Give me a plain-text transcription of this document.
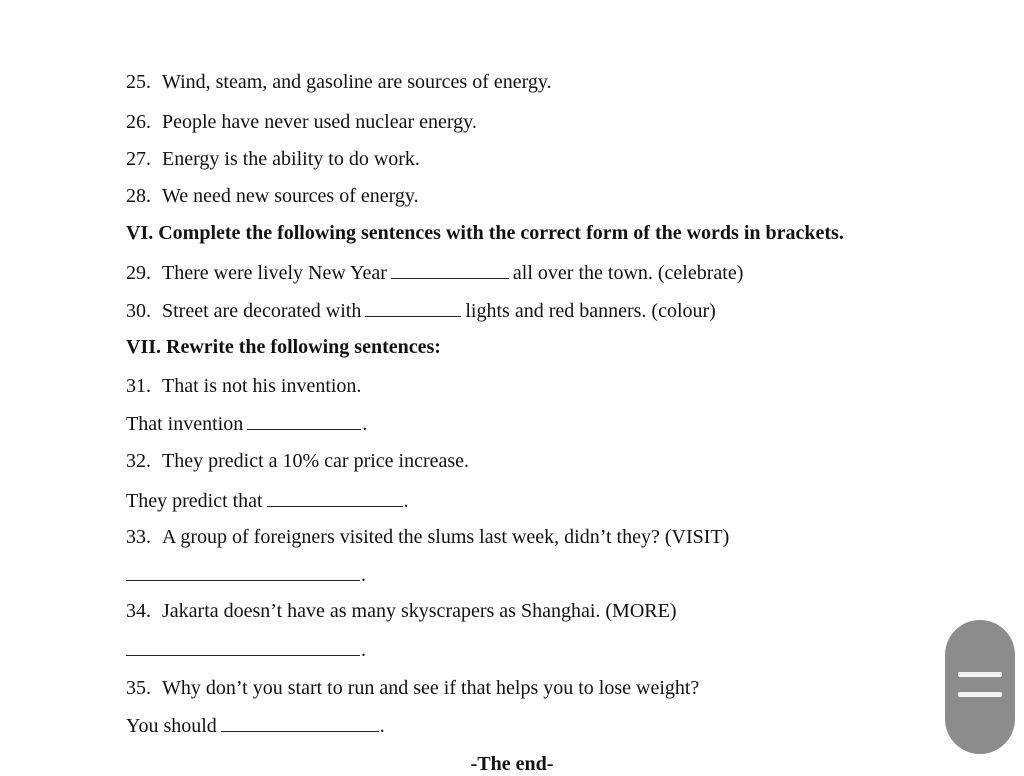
25. Wind, steam, and gasoline are sources of energy.
26. People have never used nuclear energy.
27. Energy is the ability to do work.
28. We need new sources of energy.
VI. Complete the following sentences with the correct form of the words in brackets.
29. There were lively New Year	all over the town. (celebrate)
30. Street are decorated with	lights and red banners. (colour)
VII. Rewrite the following sentences:
31. That is not his invention.
That invention	.
32. They predict a 10% car price increase.
They predict that	.
33. A group of foreigners visited the slums last week, didn’t they? (VISIT)
.
34. Jakarta doesn’t have as many skyscrapers as Shanghai. (MORE)
.
35. Why don’t you start to run and see if that helps you to lose weight?
You should	.
-The end-
